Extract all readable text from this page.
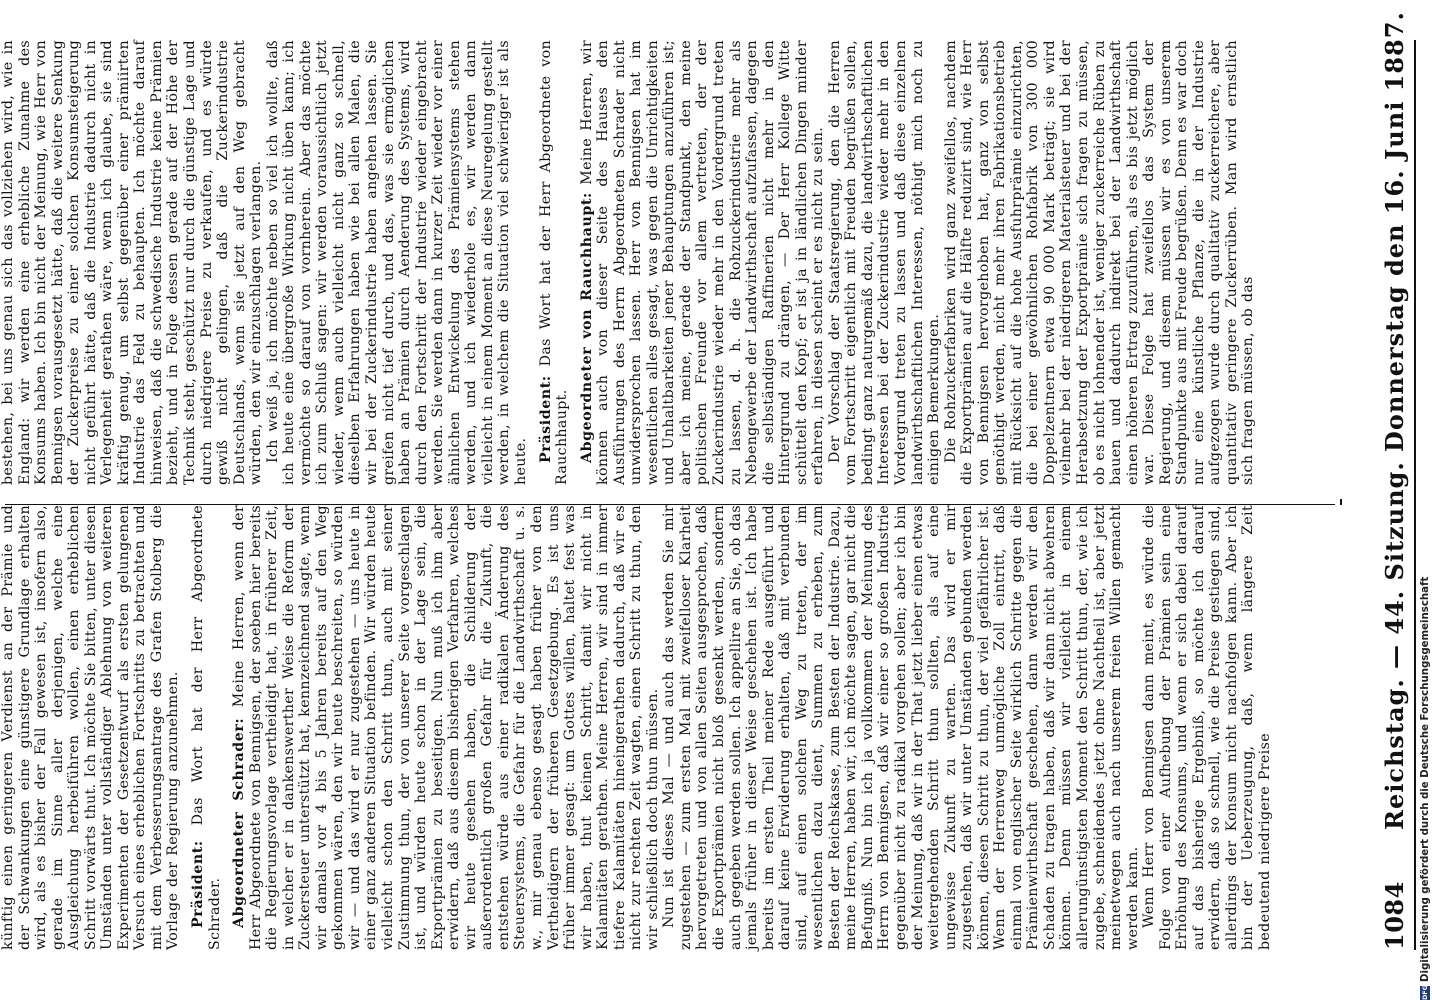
1084
Reichstag. — 44. Sitzung. Donnerstag den 16. Juni 1887.

künftig einen geringeren Verdienst an der Prämie und der Schwankungen eine günstigere Grundlage erhalten wird, als es bisher der Fall gewesen ist, insofern also, gerade im Sinne aller derjenigen, welche eine Ausgleichung herbeiführen wollen, einen erheblichen Schritt vorwärts thut. Ich möchte Sie bitten, unter diesen Umständen unter vollständiger Ablehnung von weiteren Experimenten der Gesetzentwurf als ersten gelungenen Versuch eines erheblichen Fortschritts zu betrachten und mit dem Verbesserungsantrage des Grafen Stolberg die Vorlage der Regierung anzunehmen. Präsident: Das Wort hat der Herr Abgeordnete Schrader. Abgeordneter Schrader: Meine Herren, wenn der Herr Abgeordnete von Bennigsen, der soeben hier bereits die Regierungsvorlage vertheidigt hat, in früherer Zeit, in welcher er in dankenswerther Weise die Reform der Zuckersteuer unterstützt hat, kennzeichnend sagte, wenn wir damals vor 4 bis 5 Jahren bereits auf den Weg gekommen wären, den wir heute beschreiten, so würden wir — und das wird er nur zugestehen — uns heute in einer ganz anderen Situation befinden. Wir würden heute vielleicht schon den Schritt thun, auch mit seiner Zustimmung thun, der von unserer Seite vorgeschlagen ist, und würden heute schon in der Lage sein, die Exportprämien zu beseitigen. Nun muß ich ihm aber erwidern, daß aus diesem bisherigen Verfahren, welches wir heute gesehen haben, die Schilderung der außerordentlich großen Gefahr für die Zukunft, die entstehen würde aus einer radikalen Änderung des Steuersystems, die Gefahr für die Landwirthschaft u. s. w., mir genau ebenso gesagt haben früher von den Vertheidigern der früheren Gesetzgebung. Es ist uns früher immer gesagt: um Gottes willen, haltet fest was wir haben, thut keinen Schritt, damit wir nicht in Kalamitäten gerathen. Meine Herren, wir sind in immer tiefere Kalamitäten hineingerathen dadurch, daß wir es nicht zur rechten Zeit wagten, einen Schritt zu thun, den wir schließlich doch thun müssen. Nun ist dieses Mal — und auch das werden Sie mir zugestehen — zum ersten Mal mit zweifelloser Klarheit hervorgetreten und von allen Seiten ausgesprochen, daß die Exportprämien nicht bloß gesenkt werden, sondern auch gegeben werden sollen. Ich appellire an Sie, ob das jemals früher in dieser Weise geschehen ist. Ich habe bereits im ersten Theil meiner Rede ausgeführt und darauf keine Erwiderung erhalten, daß mit verbunden sind, auf einen solchen Weg zu treten, der im wesentlichen dazu dient, Summen zu erheben, zum Besten der Reichskasse, zum Besten der Industrie. Dazu, meine Herren, haben wir, ich möchte sagen, gar nicht die Befugniß. Nun bin ich ja vollkommen der Meinung des Herrn von Bennigsen, daß wir einer so großen Industrie gegenüber nicht zu radikal vorgehen sollen; aber ich bin der Meinung, daß wir in der That jetzt lieber einen etwas weitergehenden Schritt thun sollten, als auf eine ungewisse Zukunft zu warten. Das wird er mir zugestehen, daß wir unter Umständen gebunden werden können, diesen Schritt zu thun, der viel gefährlicher ist. Wenn der Herrenweg unmögliche Zoll eintritt, daß einmal von englischer Seite wirklich Schritte gegen die Prämienwirthschaft geschehen, dann werden wir den Schaden zu tragen haben, daß wir dann nicht abwehren können. Denn müssen wir vielleicht in einem allerungünstigsten Moment den Schritt thun, der, wie ich zugebe, schneidendes jetzt ohne Nachtheil ist, aber jetzt meinetwegen auch nach unserem freien Willen gemacht werden kann. Wenn Herr von Bennigsen dann meint, es würde die Folge von einer Aufhebung der Prämien sein eine Erhöhung des Konsums, und wenn er sich dabei darauf auf das bisherige Ergebniß, so möchte ich darauf erwidern, daß so schnell, wie die Preise gestiegen sind, allerdings der Konsum nicht nachfolgen kann. Aber ich bin der Ueberzeugung, daß, wenn längere Zeit bedeutend niedrigere Preise

bestehen, bei uns genau sich das vollziehen wird, wie in England: wir werden eine erhebliche Zunahme des Konsums haben. Ich bin nicht der Meinung, wie Herr von Bennigsen vorausgesetzt hätte, daß die weitere Senkung der Zuckerpreise zu einer solchen Konsumsteigerung nicht geführt hätte, daß die Industrie dadurch nicht in Verlegenheit gerathen wäre, wenn ich glaube, sie sind kräftig genug, um selbst gegenüber einer prämiirten Industrie das Feld zu behaupten. Ich möchte darauf hinweisen, daß die schwedische Industrie keine Prämien bezieht, und in Folge dessen gerade auf der Höhe der Technik steht, geschützt nur durch die günstige Lage und durch niedrigere Preise zu verkaufen, und es würde gewiß nicht gelingen, daß die Zuckerindustrie Deutschlands, wenn sie jetzt auf den Weg gebracht würden, den wir einzuschlagen verlangen. Ich weiß ja, ich möchte neben so viel ich wollte, daß ich heute eine übergroße Wirkung nicht üben kann; ich vermöchte so darauf von vornherein. Aber das möchte ich zum Schluß sagen: wir werden voraussichtlich jetzt wieder, wenn auch vielleicht nicht ganz so schnell, dieselben Erfahrungen haben wie bei allen Malen, die wir bei der Zuckerindustrie haben angehen lassen. Sie greifen nicht tief durch, und das, was sie ermöglichen haben an Prämien durch Aenderung des Systems, wird durch den Fortschritt der Industrie wieder eingebracht werden. Sie werden dann in kurzer Zeit wieder vor einer ähnlichen Entwickelung des Prämiensystems stehen werden, und ich wiederhole es, wir werden dann vielleicht in einem Moment an diese Neuregelung gestellt werden, in welchem die Situation viel schwieriger ist als heute. Präsident: Das Wort hat der Herr Abgeordnete von Rauchhaupt. Abgeordneter von Rauchhaupt: Meine Herren, wir können auch von dieser Seite des Hauses den Ausführungen des Herrn Abgeordneten Schrader nicht unwidersprochen lassen. Herr von Bennigsen hat im wesentlichen alles gesagt, was gegen die Unrichtigkeiten und Unhaltbarkeiten jener Behauptungen anzuführen ist; aber ich meine, gerade der Standpunkt, den meine politischen Freunde vor allem vertreten, der der Zuckerindustrie wieder mehr in den Vordergrund treten zu lassen, d. h. die Rohzuckerindustrie mehr als Nebengewerbe der Landwirthschaft aufzufassen, dagegen die selbständigen Raffinerien nicht mehr in den Hintergrund zu drängen, — Der Herr Kollege Witte schüttelt den Kopf; er ist ja in ländlichen Dingen minder erfahren, in diesen scheint er es nicht zu sein. Der Vorschlag der Staatsregierung, den die Herren vom Fortschritt eigentlich mit Freuden begrüßen sollen, bedingt ganz naturgemäß dazu, die landwirthschaftlichen Interessen bei der Zuckerindustrie wieder mehr in den Vordergrund treten zu lassen und daß diese einzelnen landwirthschaftlichen Interessen, nöthigt mich noch zu einigen Bemerkungen. Die Rohzuckerfabriken wird ganz zweifellos, nachdem die Exportprämien auf die Hälfte reduzirt sind, wie Herr von Bennigsen hervorgehoben hat, ganz von selbst genöthigt werden, nicht mehr ihren Fabrikationsbetrieb mit Rücksicht auf die hohe Ausfuhrprämie einzurichten, die bei einer gewöhnlichen Rohfabrik von 300 000 Doppelzentnern etwa 90 000 Mark beträgt; sie wird vielmehr bei der niedrigeren Materialsteuer und bei der Herabsetzung der Exportprämie sich fragen zu müssen, ob es nicht lohnender ist, weniger zuckerreiche Rüben zu bauen und dadurch indirekt bei der Landwirthschaft einen höheren Ertrag zuzuführen, als es bis jetzt möglich war. Diese Folge hat zweifellos das System der Regierung, und diesem müssen wir es von unserem Standpunkte aus mit Freude begrüßen. Denn es war doch nur eine künstliche Pflanze, die in der Industrie aufgezogen wurde durch qualitativ zuckerreichere, aber quantitativ geringere Zuckerrüben. Man wird ernstlich sich fragen müssen, ob das

DFG
Digitalisierung gefördert durch die Deutsche Forschungsgemeinschaft
